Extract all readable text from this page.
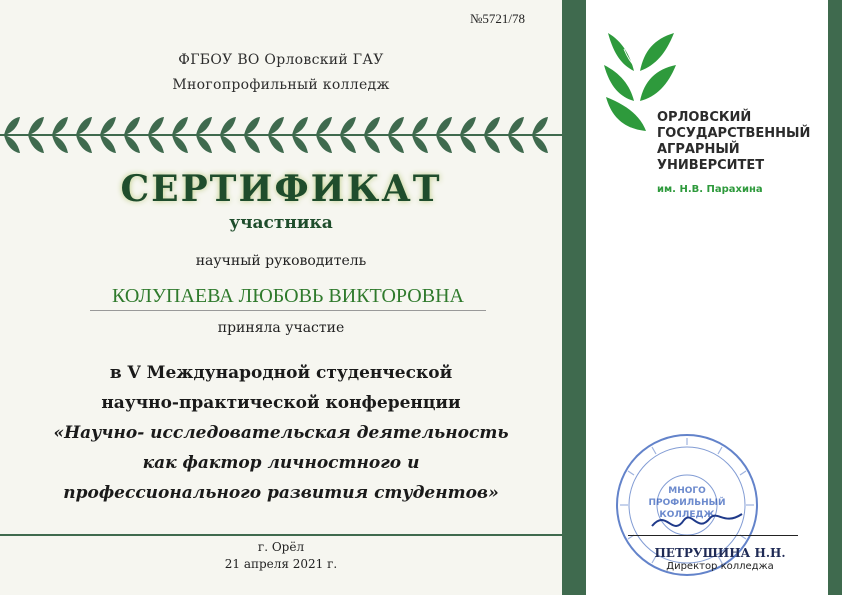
№5721/78
ФГБОУ ВО Орловский ГАУ
Многопрофильный колледж
СЕРТИФИКАТ
участника
научный руководитель
КОЛУПАЕВА ЛЮБОВЬ ВИКТОРОВНА
приняла участие
в V Международной студенческой
научно-практической конференции
«Научно- исследовательская деятельность
как фактор личностного и
профессионального развития студентов»
г. Орёл
21 апреля 2021 г.
ОРЛОВСКИЙ
ГОСУДАРСТВЕННЫЙ
АГРАРНЫЙ
УНИВЕРСИТЕТ
им. Н.В. Парахина
МНОГО
ПРОФИЛЬНЫЙ
КОЛЛЕДЖ
ПЕТРУШИНА Н.Н.
Директор колледжа
